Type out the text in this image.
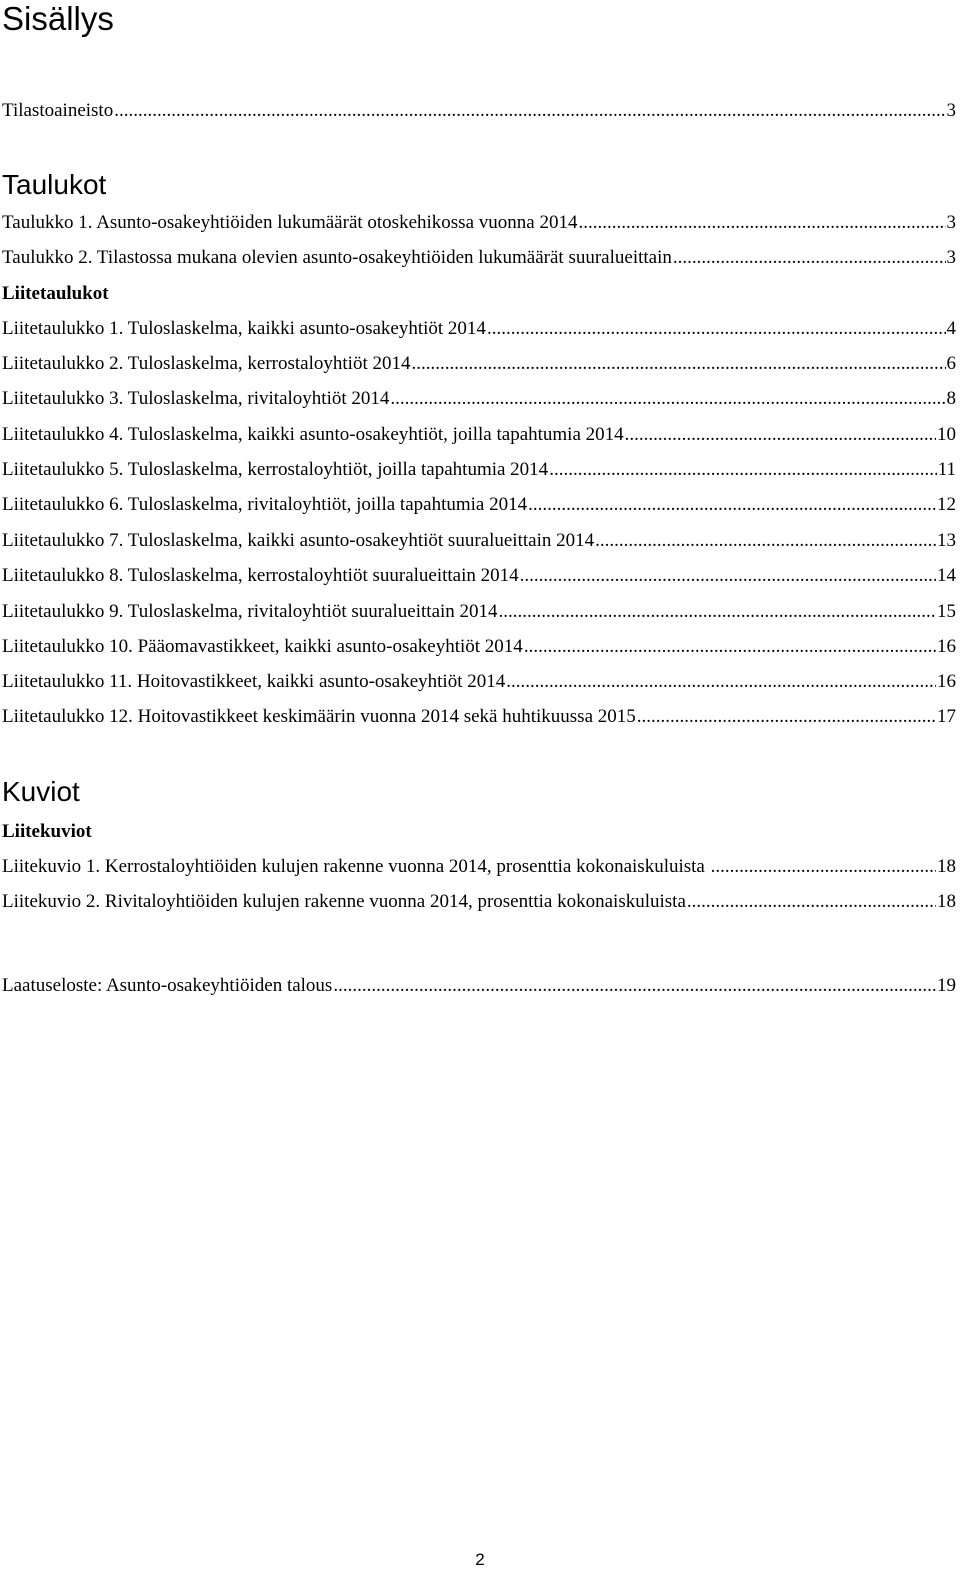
Sisällys
Tilastoaineisto .....	3
Taulukot
Taulukko 1. Asunto-osakeyhtiöiden lukumäärät otoskehikossa vuonna 2014 .....	3
Taulukko 2. Tilastossa mukana olevien asunto-osakeyhtiöiden lukumäärät suuralueittain .....	3
Liitetaulukot
Liitetaulukko 1. Tuloslaskelma, kaikki asunto-osakeyhtiöt 2014 .....	4
Liitetaulukko 2. Tuloslaskelma, kerrostaloyhtiöt 2014 .....	6
Liitetaulukko 3. Tuloslaskelma, rivitaloyhtiöt 2014 .....	8
Liitetaulukko 4. Tuloslaskelma, kaikki asunto-osakeyhtiöt, joilla tapahtumia 2014 .....	10
Liitetaulukko 5. Tuloslaskelma, kerrostaloyhtiöt, joilla tapahtumia 2014 .....	11
Liitetaulukko 6. Tuloslaskelma, rivitaloyhtiöt, joilla tapahtumia 2014 .....	12
Liitetaulukko 7. Tuloslaskelma, kaikki asunto-osakeyhtiöt suuralueittain 2014 .....	13
Liitetaulukko 8. Tuloslaskelma, kerrostaloyhtiöt suuralueittain 2014 .....	14
Liitetaulukko 9. Tuloslaskelma, rivitaloyhtiöt suuralueittain 2014 .....	15
Liitetaulukko 10. Pääomavastikkeet, kaikki asunto-osakeyhtiöt 2014 .....	16
Liitetaulukko 11. Hoitovastikkeet, kaikki asunto-osakeyhtiöt 2014 .....	16
Liitetaulukko 12. Hoitovastikkeet keskimäärin vuonna 2014 sekä huhtikuussa 2015 .....	17
Kuviot
Liitekuviot
Liitekuvio 1. Kerrostaloyhtiöiden kulujen rakenne vuonna 2014, prosenttia kokonaiskuluista .....	18
Liitekuvio 2. Rivitaloyhtiöiden kulujen rakenne vuonna 2014, prosenttia kokonaiskuluista .....	18
Laatuseloste: Asunto-osakeyhtiöiden talous .....	19
2
